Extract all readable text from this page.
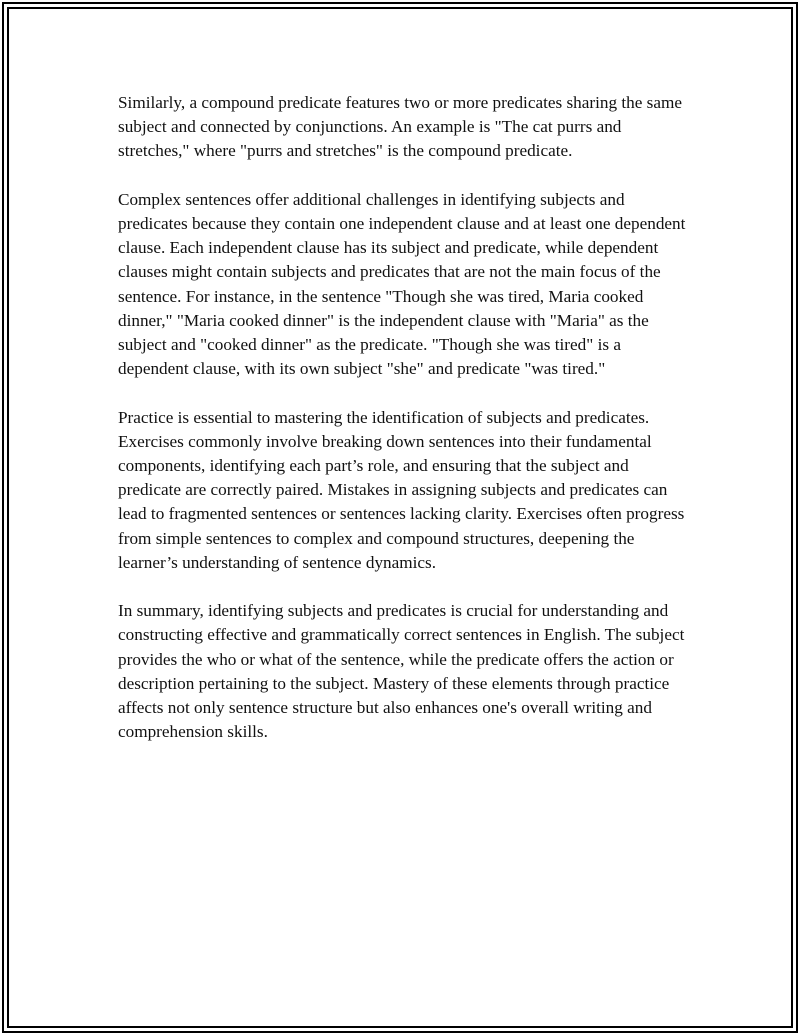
Similarly, a compound predicate features two or more predicates sharing the same subject and connected by conjunctions. An example is "The cat purrs and stretches," where "purrs and stretches" is the compound predicate.

Complex sentences offer additional challenges in identifying subjects and predicates because they contain one independent clause and at least one dependent clause. Each independent clause has its subject and predicate, while dependent clauses might contain subjects and predicates that are not the main focus of the sentence. For instance, in the sentence "Though she was tired, Maria cooked dinner," "Maria cooked dinner" is the independent clause with "Maria" as the subject and "cooked dinner" as the predicate. "Though she was tired" is a dependent clause, with its own subject "she" and predicate "was tired."

Practice is essential to mastering the identification of subjects and predicates. Exercises commonly involve breaking down sentences into their fundamental components, identifying each part’s role, and ensuring that the subject and predicate are correctly paired. Mistakes in assigning subjects and predicates can lead to fragmented sentences or sentences lacking clarity. Exercises often progress from simple sentences to complex and compound structures, deepening the learner’s understanding of sentence dynamics.

In summary, identifying subjects and predicates is crucial for understanding and constructing effective and grammatically correct sentences in English. The subject provides the who or what of the sentence, while the predicate offers the action or description pertaining to the subject. Mastery of these elements through practice affects not only sentence structure but also enhances one's overall writing and comprehension skills.
